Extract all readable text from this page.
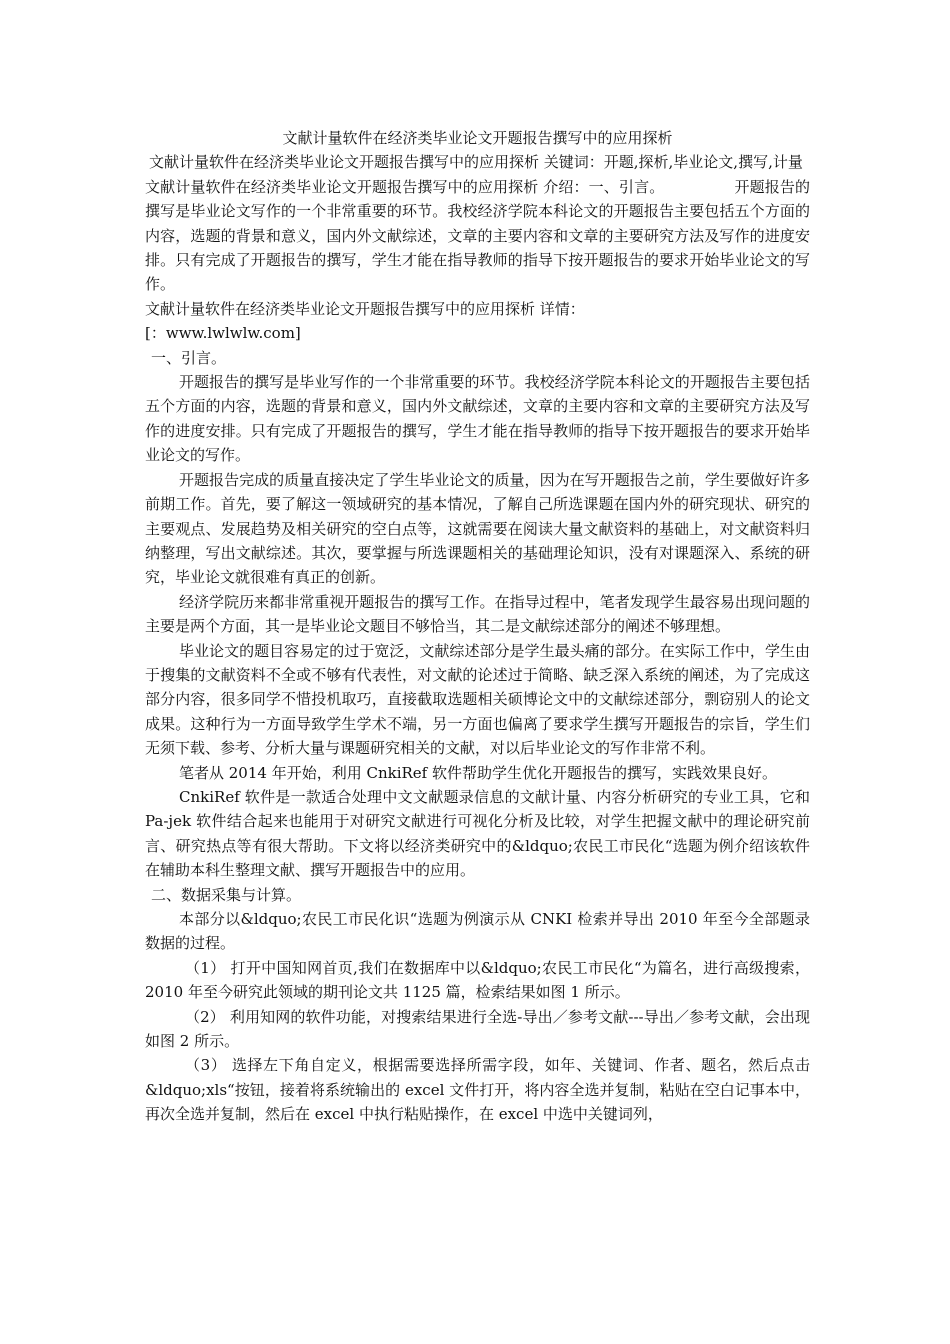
文献计量软件在经济类毕业论文开题报告撰写中的应用探析

文献计量软件在经济类毕业论文开题报告撰写中的应用探析 关键词：开题,探析,毕业论文,撰写,计量

文献计量软件在经济类毕业论文开题报告撰写中的应用探析 介绍：一、引言。	开题报告的撰写是毕业论文写作的一个非常重要的环节。我校经济学院本科论文的开题报告主要包括五个方面的内容，选题的背景和意义，国内外文献综述，文章的主要内容和文章的主要研究方法及写作的进度安排。只有完成了开题报告的撰写，学生才能在指导教师的指导下按开题报告的要求开始毕业论文的写作。

文献计量软件在经济类毕业论文开题报告撰写中的应用探析 详情：

[：www.lwlwlw.com]

一、引言。

开题报告的撰写是毕业写作的一个非常重要的环节。我校经济学院本科论文的开题报告主要包括五个方面的内容，选题的背景和意义，国内外文献综述，文章的主要内容和文章的主要研究方法及写作的进度安排。只有完成了开题报告的撰写，学生才能在指导教师的指导下按开题报告的要求开始毕业论文的写作。

开题报告完成的质量直接决定了学生毕业论文的质量，因为在写开题报告之前，学生要做好许多前期工作。首先，要了解这一领域研究的基本情况，了解自己所选课题在国内外的研究现状、研究的主要观点、发展趋势及相关研究的空白点等，这就需要在阅读大量文献资料的基础上，对文献资料归纳整理，写出文献综述。其次，要掌握与所选课题相关的基础理论知识，没有对课题深入、系统的研究，毕业论文就很难有真正的创新。

经济学院历来都非常重视开题报告的撰写工作。在指导过程中，笔者发现学生最容易出现问题的主要是两个方面，其一是毕业论文题目不够恰当，其二是文献综述部分的阐述不够理想。

毕业论文的题目容易定的过于宽泛，文献综述部分是学生最头痛的部分。在实际工作中，学生由于搜集的文献资料不全或不够有代表性，对文献的论述过于简略、缺乏深入系统的阐述，为了完成这部分内容，很多同学不惜投机取巧，直接截取选题相关硕博论文中的文献综述部分，剽窃别人的论文成果。这种行为一方面导致学生学术不端，另一方面也偏离了要求学生撰写开题报告的宗旨，学生们无须下载、参考、分析大量与课题研究相关的文献，对以后毕业论文的写作非常不利。

笔者从 2014 年开始，利用 CnkiRef 软件帮助学生优化开题报告的撰写，实践效果良好。

CnkiRef 软件是一款适合处理中文文献题录信息的文献计量、内容分析研究的专业工具，它和 Pa-jek 软件结合起来也能用于对研究文献进行可视化分析及比较，对学生把握文献中的理论研究前言、研究热点等有很大帮助。下文将以经济类研究中的&ldquo;农民工市民化“选题为例介绍该软件在辅助本科生整理文献、撰写开题报告中的应用。

二、数据采集与计算。

本部分以&ldquo;农民工市民化识“选题为例演示从 CNKI 检索并导出 2010 年至今全部题录数据的过程。

（1） 打开中国知网首页,我们在数据库中以&ldquo;农民工市民化“为篇名，进行高级搜索，2010 年至今研究此领域的期刊论文共 1125 篇，检索结果如图 1 所示。

（2） 利用知网的软件功能，对搜索结果进行全选-导出／参考文献---导出／参考文献，会出现如图 2 所示。

（3） 选择左下角自定义，根据需要选择所需字段，如年、关键词、作者、题名，然后点击&ldquo;xls“按钮，接着将系统输出的 excel 文件打开，将内容全选并复制，粘贴在空白记事本中，再次全选并复制，然后在 excel 中执行粘贴操作，在 excel 中选中关键词列，
